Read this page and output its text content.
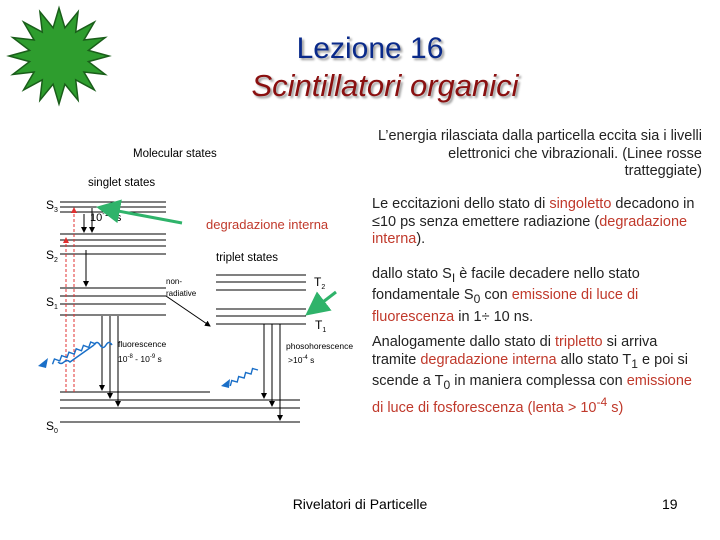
Lezione 16
Scintillatori organici
Molecular states
singlet states
triplet states
$S_3$
$S_2$
$S_1$
$S_0$
$T_2$
$T_1$
$10^{-11}$ s	degradazione interna
non-
radiative
fluorescence
$10^{-8} - 10^{-9}$ s
phosohorescence
$>10^{-4}$ s
L’energia rilasciata dalla particella eccita sia i livelli elettronici che vibrazionali. (Linee rosse tratteggiate)
Le eccitazioni dello stato di singoletto decadono in ≤10 ps senza emettere radiazione (degradazione interna).
dallo stato $S_I$ è facile decadere nello stato fondamentale $S_0$ con emissione di luce di fluorescenza in 1÷ 10 ns.
Analogamente dallo stato di tripletto si arriva tramite degradazione interna allo stato $T_1$ e poi si scende a $T_0$ in maniera complessa con emissione di luce di fosforescenza (lenta > $10^{-4}$ s)
Rivelatori di Particelle	19
